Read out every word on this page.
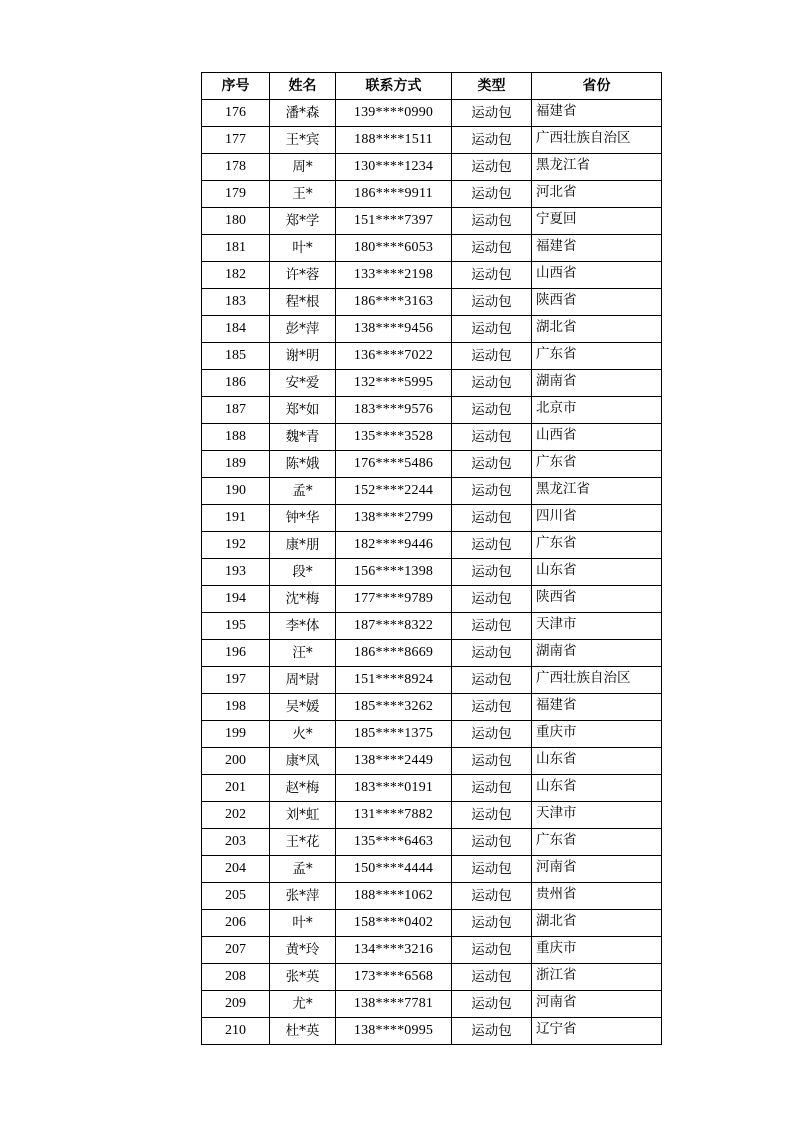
序号	姓名	联系方式	类型	省份
176	潘*森	139****0990	运动包	福建省
177	王*宾	188****1511	运动包	广西壮族自治区
178	周*	130****1234	运动包	黑龙江省
179	王*	186****9911	运动包	河北省
180	郑*学	151****7397	运动包	宁夏回
181	叶*	180****6053	运动包	福建省
182	许*蓉	133****2198	运动包	山西省
183	程*根	186****3163	运动包	陕西省
184	彭*萍	138****9456	运动包	湖北省
185	谢*明	136****7022	运动包	广东省
186	安*爱	132****5995	运动包	湖南省
187	郑*如	183****9576	运动包	北京市
188	魏*青	135****3528	运动包	山西省
189	陈*娥	176****5486	运动包	广东省
190	孟*	152****2244	运动包	黑龙江省
191	钟*华	138****2799	运动包	四川省
192	康*朋	182****9446	运动包	广东省
193	段*	156****1398	运动包	山东省
194	沈*梅	177****9789	运动包	陕西省
195	李*体	187****8322	运动包	天津市
196	汪*	186****8669	运动包	湖南省
197	周*尉	151****8924	运动包	广西壮族自治区
198	吴*媛	185****3262	运动包	福建省
199	火*	185****1375	运动包	重庆市
200	康*凤	138****2449	运动包	山东省
201	赵*梅	183****0191	运动包	山东省
202	刘*虹	131****7882	运动包	天津市
203	王*花	135****6463	运动包	广东省
204	孟*	150****4444	运动包	河南省
205	张*萍	188****1062	运动包	贵州省
206	叶*	158****0402	运动包	湖北省
207	黄*玲	134****3216	运动包	重庆市
208	张*英	173****6568	运动包	浙江省
209	尤*	138****7781	运动包	河南省
210	杜*英	138****0995	运动包	辽宁省
